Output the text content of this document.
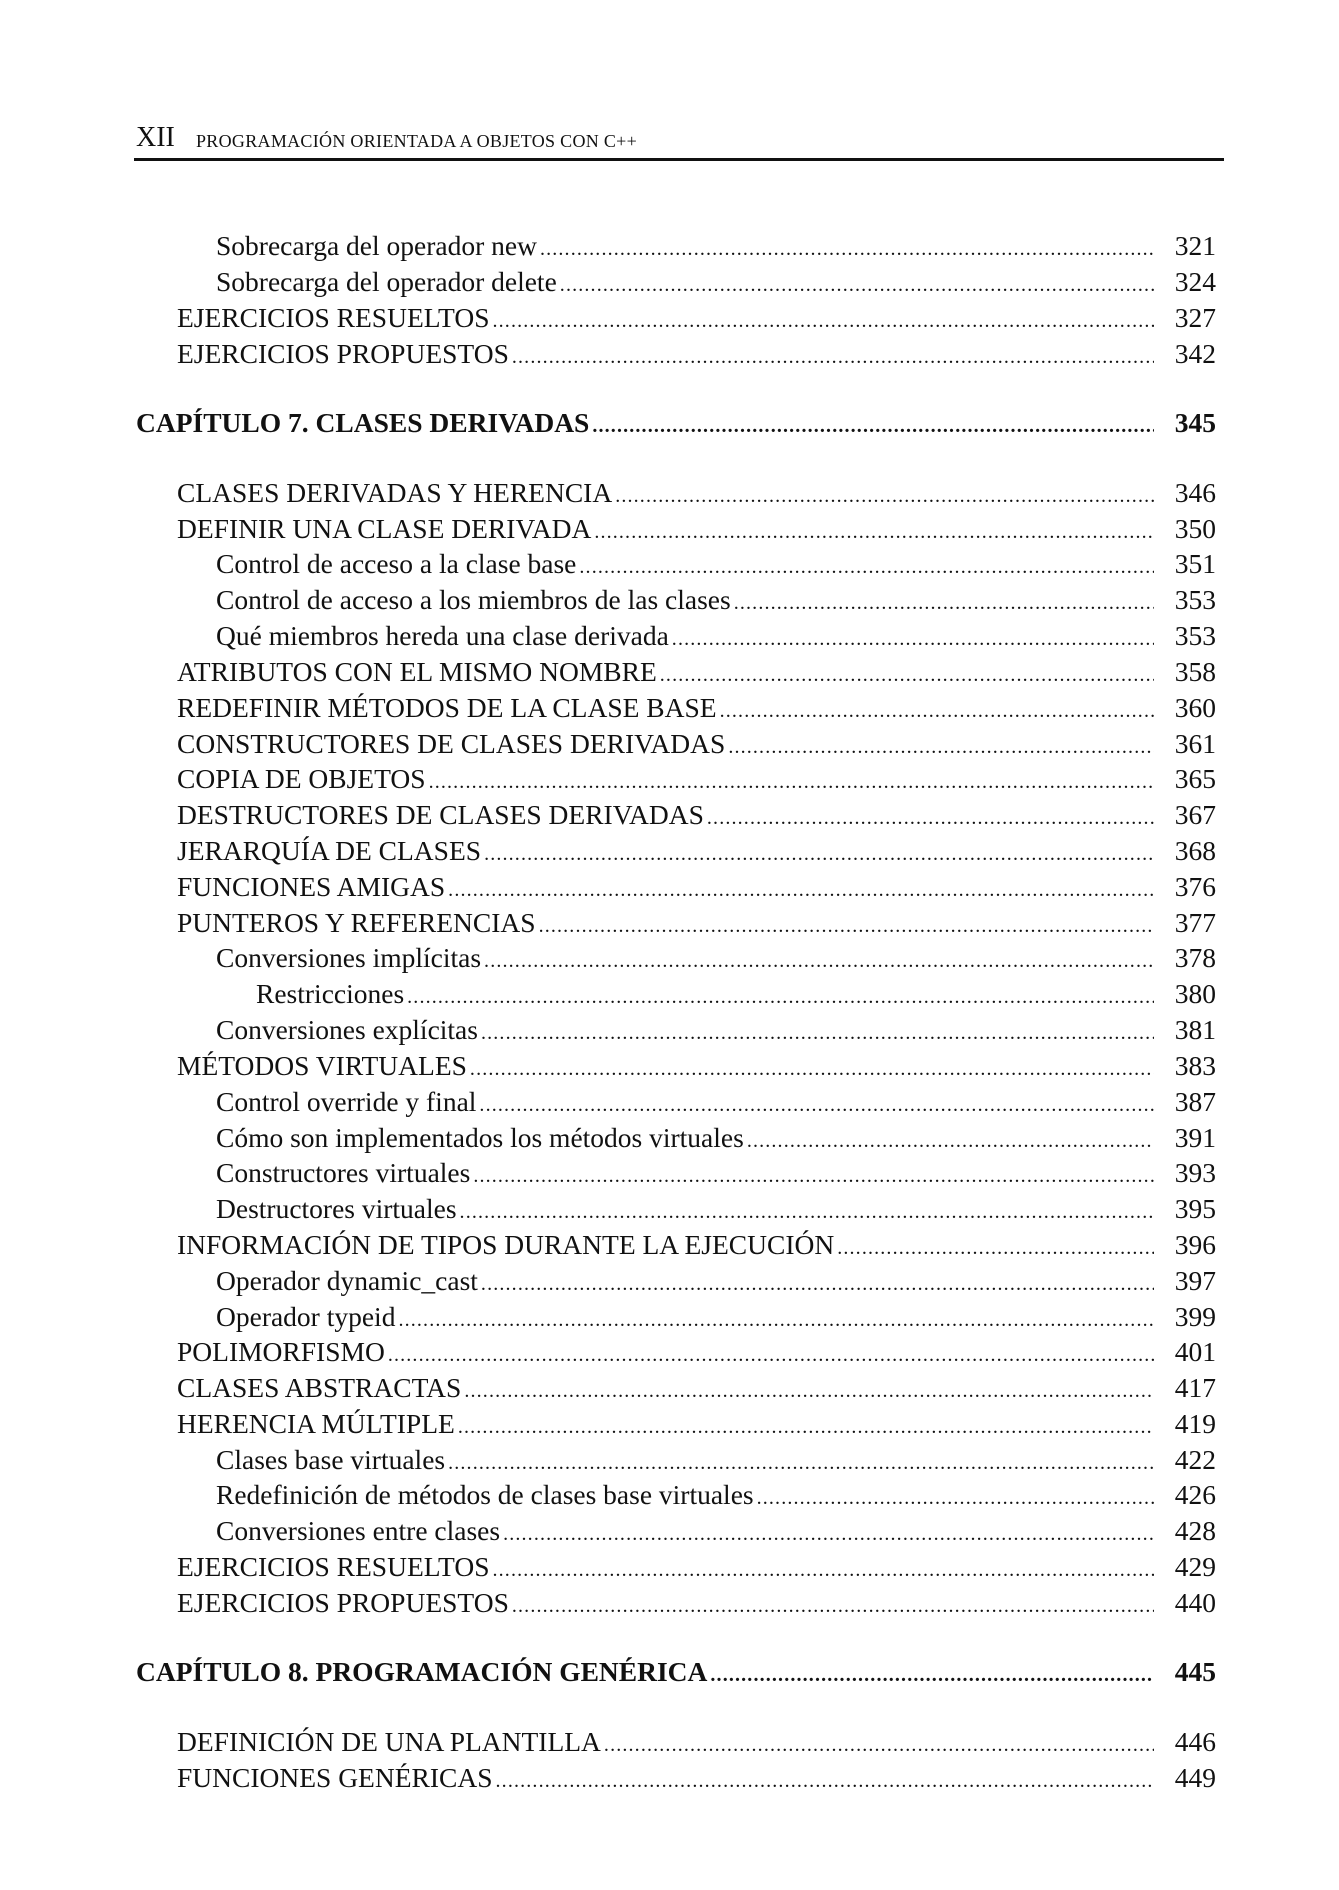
XII PROGRAMACIÓN ORIENTADA A OBJETOS CON C++
Sobrecarga del operador new .....	321
Sobrecarga del operador delete .....	324
EJERCICIOS RESUELTOS .....	327
EJERCICIOS PROPUESTOS .....	342
CAPÍTULO 7. CLASES DERIVADAS .....	345
CLASES DERIVADAS Y HERENCIA .....	346
DEFINIR UNA CLASE DERIVADA .....	350
Control de acceso a la clase base .....	351
Control de acceso a los miembros de las clases .....	353
Qué miembros hereda una clase derivada .....	353
ATRIBUTOS CON EL MISMO NOMBRE .....	358
REDEFINIR MÉTODOS DE LA CLASE BASE .....	360
CONSTRUCTORES DE CLASES DERIVADAS .....	361
COPIA DE OBJETOS .....	365
DESTRUCTORES DE CLASES DERIVADAS .....	367
JERARQUÍA DE CLASES .....	368
FUNCIONES AMIGAS .....	376
PUNTEROS Y REFERENCIAS .....	377
Conversiones implícitas .....	378
Restricciones .....	380
Conversiones explícitas .....	381
MÉTODOS VIRTUALES .....	383
Control override y final .....	387
Cómo son implementados los métodos virtuales .....	391
Constructores virtuales .....	393
Destructores virtuales .....	395
INFORMACIÓN DE TIPOS DURANTE LA EJECUCIÓN .....	396
Operador dynamic_cast .....	397
Operador typeid .....	399
POLIMORFISMO .....	401
CLASES ABSTRACTAS .....	417
HERENCIA MÚLTIPLE .....	419
Clases base virtuales .....	422
Redefinición de métodos de clases base virtuales .....	426
Conversiones entre clases .....	428
EJERCICIOS RESUELTOS .....	429
EJERCICIOS PROPUESTOS .....	440
CAPÍTULO 8. PROGRAMACIÓN GENÉRICA .....	445
DEFINICIÓN DE UNA PLANTILLA .....	446
FUNCIONES GENÉRICAS .....	449
